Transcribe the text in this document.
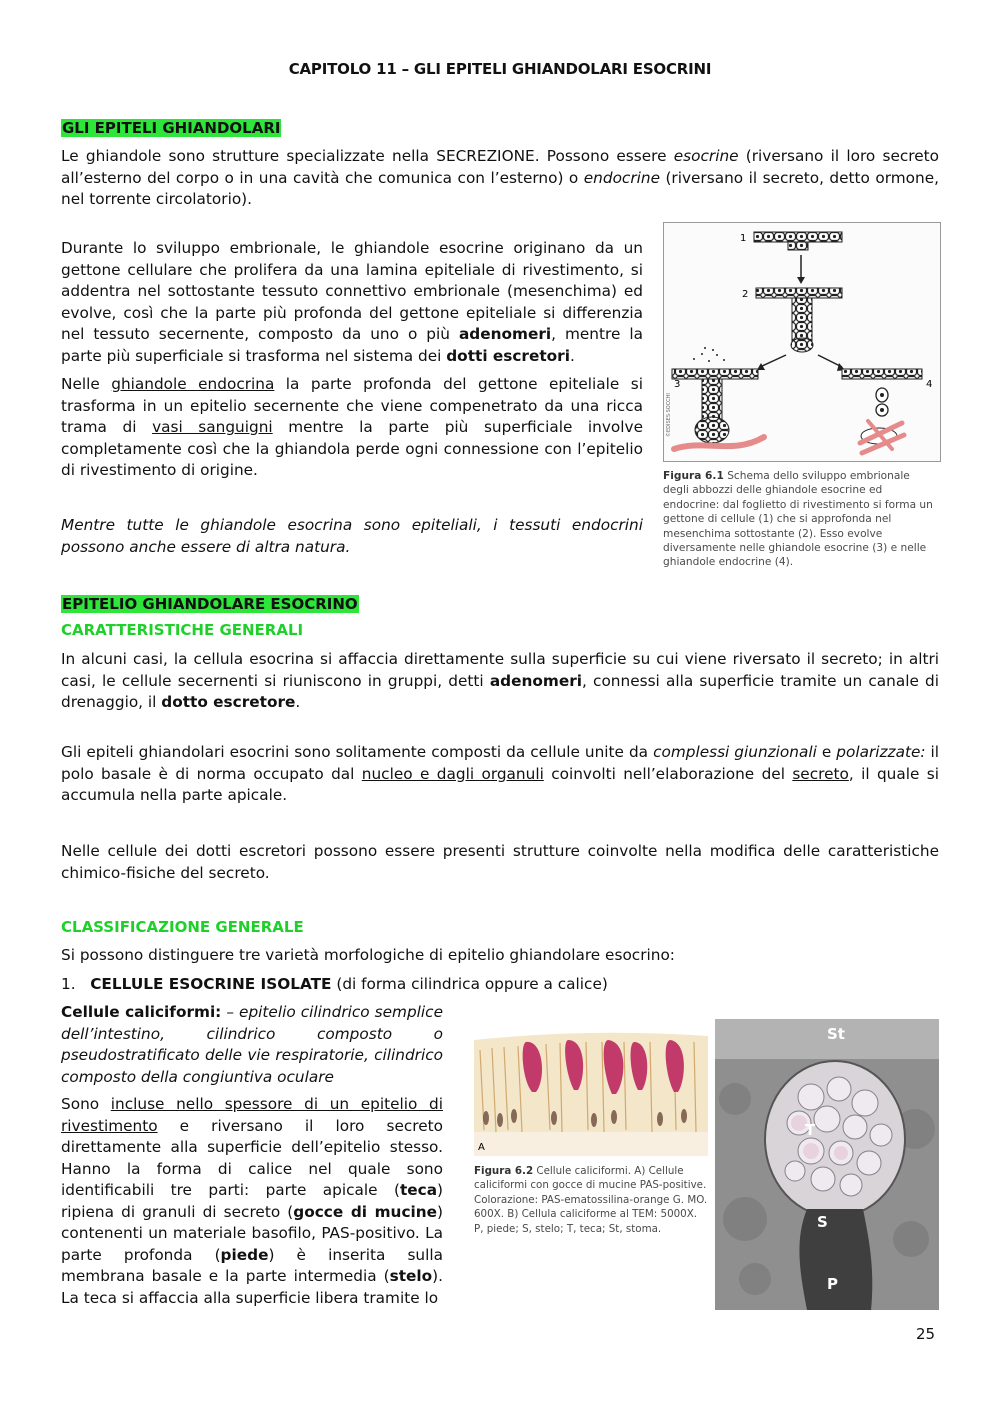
CAPITOLO 11 – GLI EPITELI GHIANDOLARI ESOCRINI
GLI EPITELI GHIANDOLARI
Le ghiandole sono strutture specializzate nella SECREZIONE. Possono essere esocrine (riversano il loro secreto all’esterno del corpo o in una cavità che comunica con l’esterno) o endocrine (riversano il secreto, detto ormone, nel torrente circolatorio).
Durante lo sviluppo embrionale, le ghiandole esocrine originano da un gettone cellulare che prolifera da una lamina epiteliale di rivestimento, si addentra nel sottostante tessuto connettivo embrionale (mesenchima) ed evolve, così che la parte più profonda del gettone epiteliale si differenzia nel tessuto secernente, composto da uno o più adenomeri, mentre la parte più superficiale si trasforma nel sistema dei dotti escretori.
Nelle ghiandole endocrina la parte profonda del gettone epiteliale si trasforma in un epitelio secernente che viene compenetrato da una ricca trama di vasi sanguigni mentre la parte più superficiale involve completamente così che la ghiandola perde ogni connessione con l’epitelio di rivestimento di origine.
Mentre tutte le ghiandole esocrina sono epiteliali, i tessuti endocrini possono anche essere di altra natura.
1
2
3
©EDISES·SOCCHI
4
Figura 6.1 Schema dello sviluppo embrionale degli abbozzi delle ghiandole esocrine ed endocrine: dal foglietto di rivestimento si forma un gettone di cellule (1) che si approfonda nel mesenchima sottostante (2). Esso evolve diversamente nelle ghiandole esocrine (3) e nelle ghiandole endocrine (4).
EPITELIO GHIANDOLARE ESOCRINO
CARATTERISTICHE GENERALI
In alcuni casi, la cellula esocrina si affaccia direttamente sulla superficie su cui viene riversato il secreto; in altri casi, le cellule secernenti si riuniscono in gruppi, detti adenomeri, connessi alla superficie tramite un canale di drenaggio, il dotto escretore.
Gli epiteli ghiandolari esocrini sono solitamente composti da cellule unite da complessi giunzionali e polarizzate: il polo basale è di norma occupato dal nucleo e dagli organuli coinvolti nell’elaborazione del secreto, il quale si accumula nella parte apicale.
Nelle cellule dei dotti escretori possono essere presenti strutture coinvolte nella modifica delle caratteristiche chimico-fisiche del secreto.
CLASSIFICAZIONE GENERALE
Si possono distinguere tre varietà morfologiche di epitelio ghiandolare esocrino:
1. CELLULE ESOCRINE ISOLATE (di forma cilindrica oppure a calice)
Cellule caliciformi: – epitelio cilindrico semplice dell’intestino, cilindrico composto o pseudostratificato delle vie respiratorie, cilindrico composto della congiuntiva oculare
Sono incluse nello spessore di un epitelio di rivestimento e riversano il loro secreto direttamente alla superficie dell’epitelio stesso. Hanno la forma di calice nel quale sono identificabili tre parti: parte apicale (teca) ripiena di granuli di secreto (gocce di mucine) contenenti un materiale basofilo, PAS-positivo. La parte profonda (piede) è inserita sulla membrana basale e la parte intermedia (stelo). La teca si affaccia alla superficie libera tramite lo
A
Figura 6.2 Cellule caliciformi. A) Cellule caliciformi con gocce di mucine PAS-positive. Colorazione: PAS-ematossilina-orange G. MO. 600X. B) Cellula caliciforme al TEM: 5000X. P, piede; S, stelo; T, teca; St, stoma.
St
T
S
P
25
